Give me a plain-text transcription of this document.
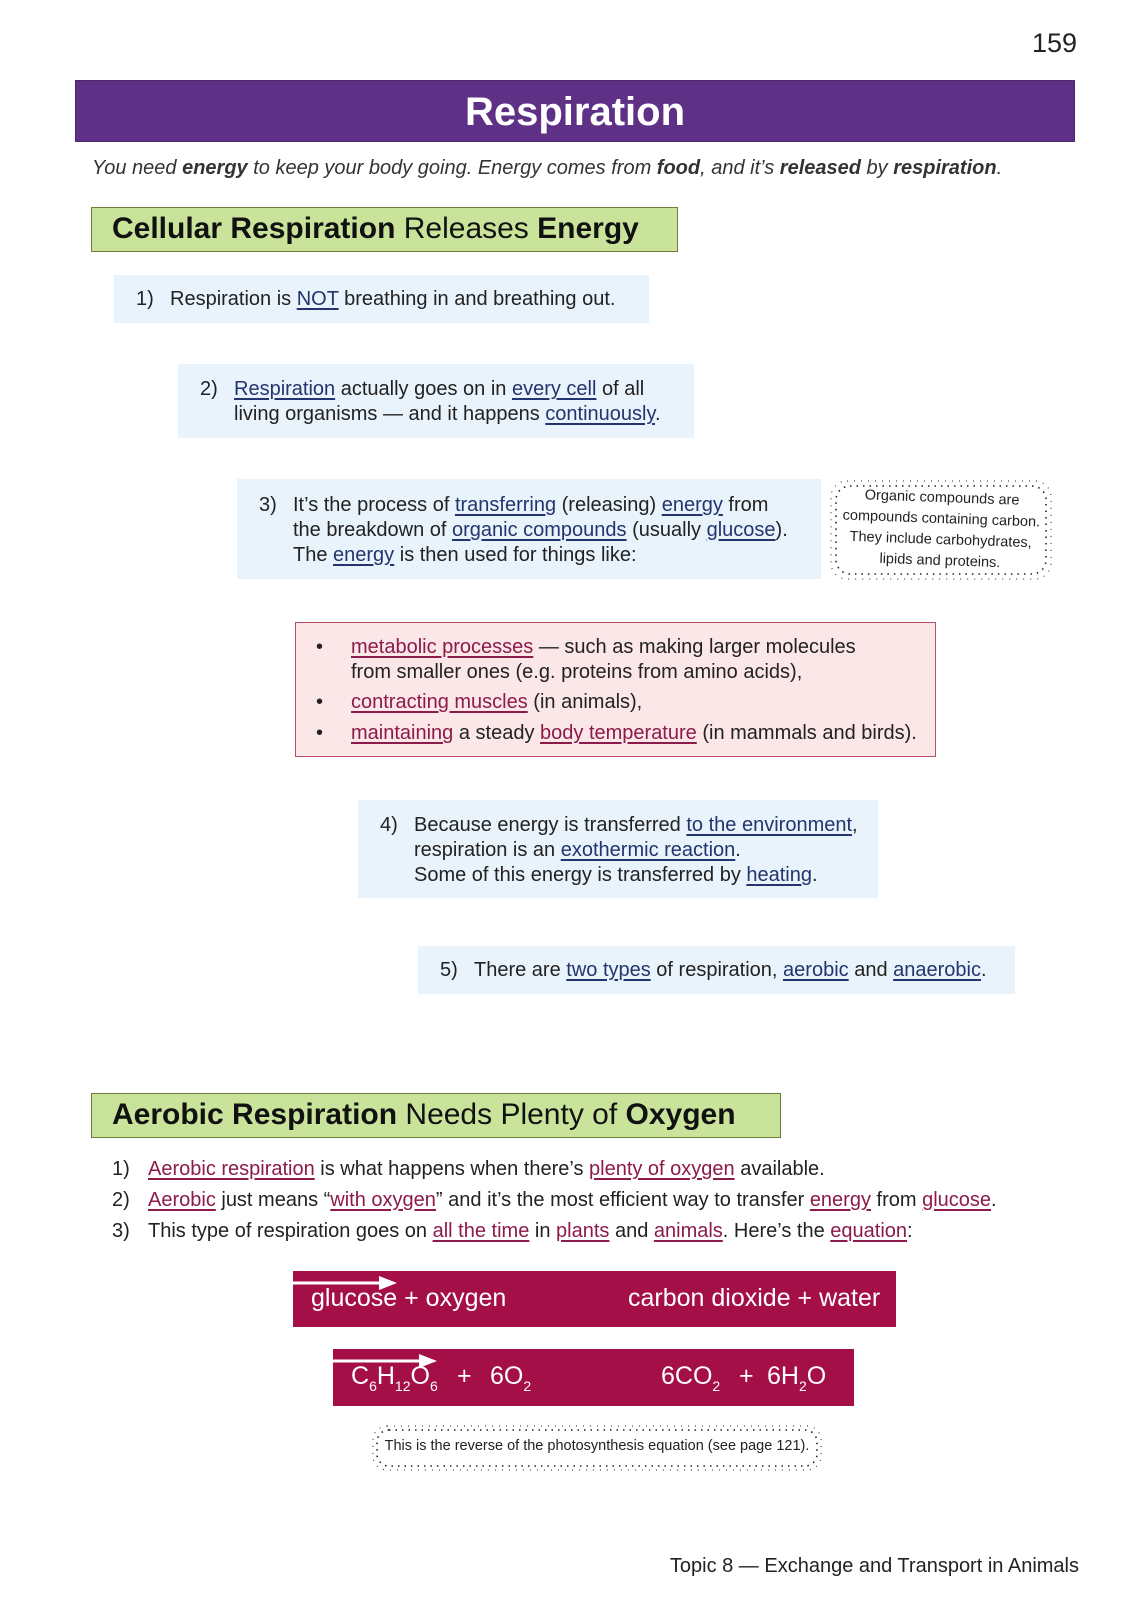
159
Respiration
You need energy to keep your body going. Energy comes from food, and it’s released by respiration.
Cellular Respiration Releases Energy
1) Respiration is NOT breathing in and breathing out.
2) Respiration actually goes on in every cell of all
living organisms — and it happens continuously.
3) It’s the process of transferring (releasing) energy from
the breakdown of organic compounds (usually glucose).
The energy is then used for things like:
Organic compounds are
compounds containing carbon.
They include carbohydrates,
lipids and proteins.
• metabolic processes — such as making larger molecules
from smaller ones (e.g. proteins from amino acids),
• contracting muscles (in animals),
• maintaining a steady body temperature (in mammals and birds).
4) Because energy is transferred to the environment,
respiration is an exothermic reaction.
Some of this energy is transferred by heating.
5) There are two types of respiration, aerobic and anaerobic.
Aerobic Respiration Needs Plenty of Oxygen
1) Aerobic respiration is what happens when there’s plenty of oxygen available.
2) Aerobic just means “with oxygen” and it’s the most efficient way to transfer energy from glucose.
3) This type of respiration goes on all the time in plants and animals. Here’s the equation:
glucose + oxygen	carbon dioxide + water
$C_6H_{12}O_6 + 6O_2$	$6CO_2 + 6H_2O$
This is the reverse of the photosynthesis equation (see page 121).
Topic 8 — Exchange and Transport in Animals
